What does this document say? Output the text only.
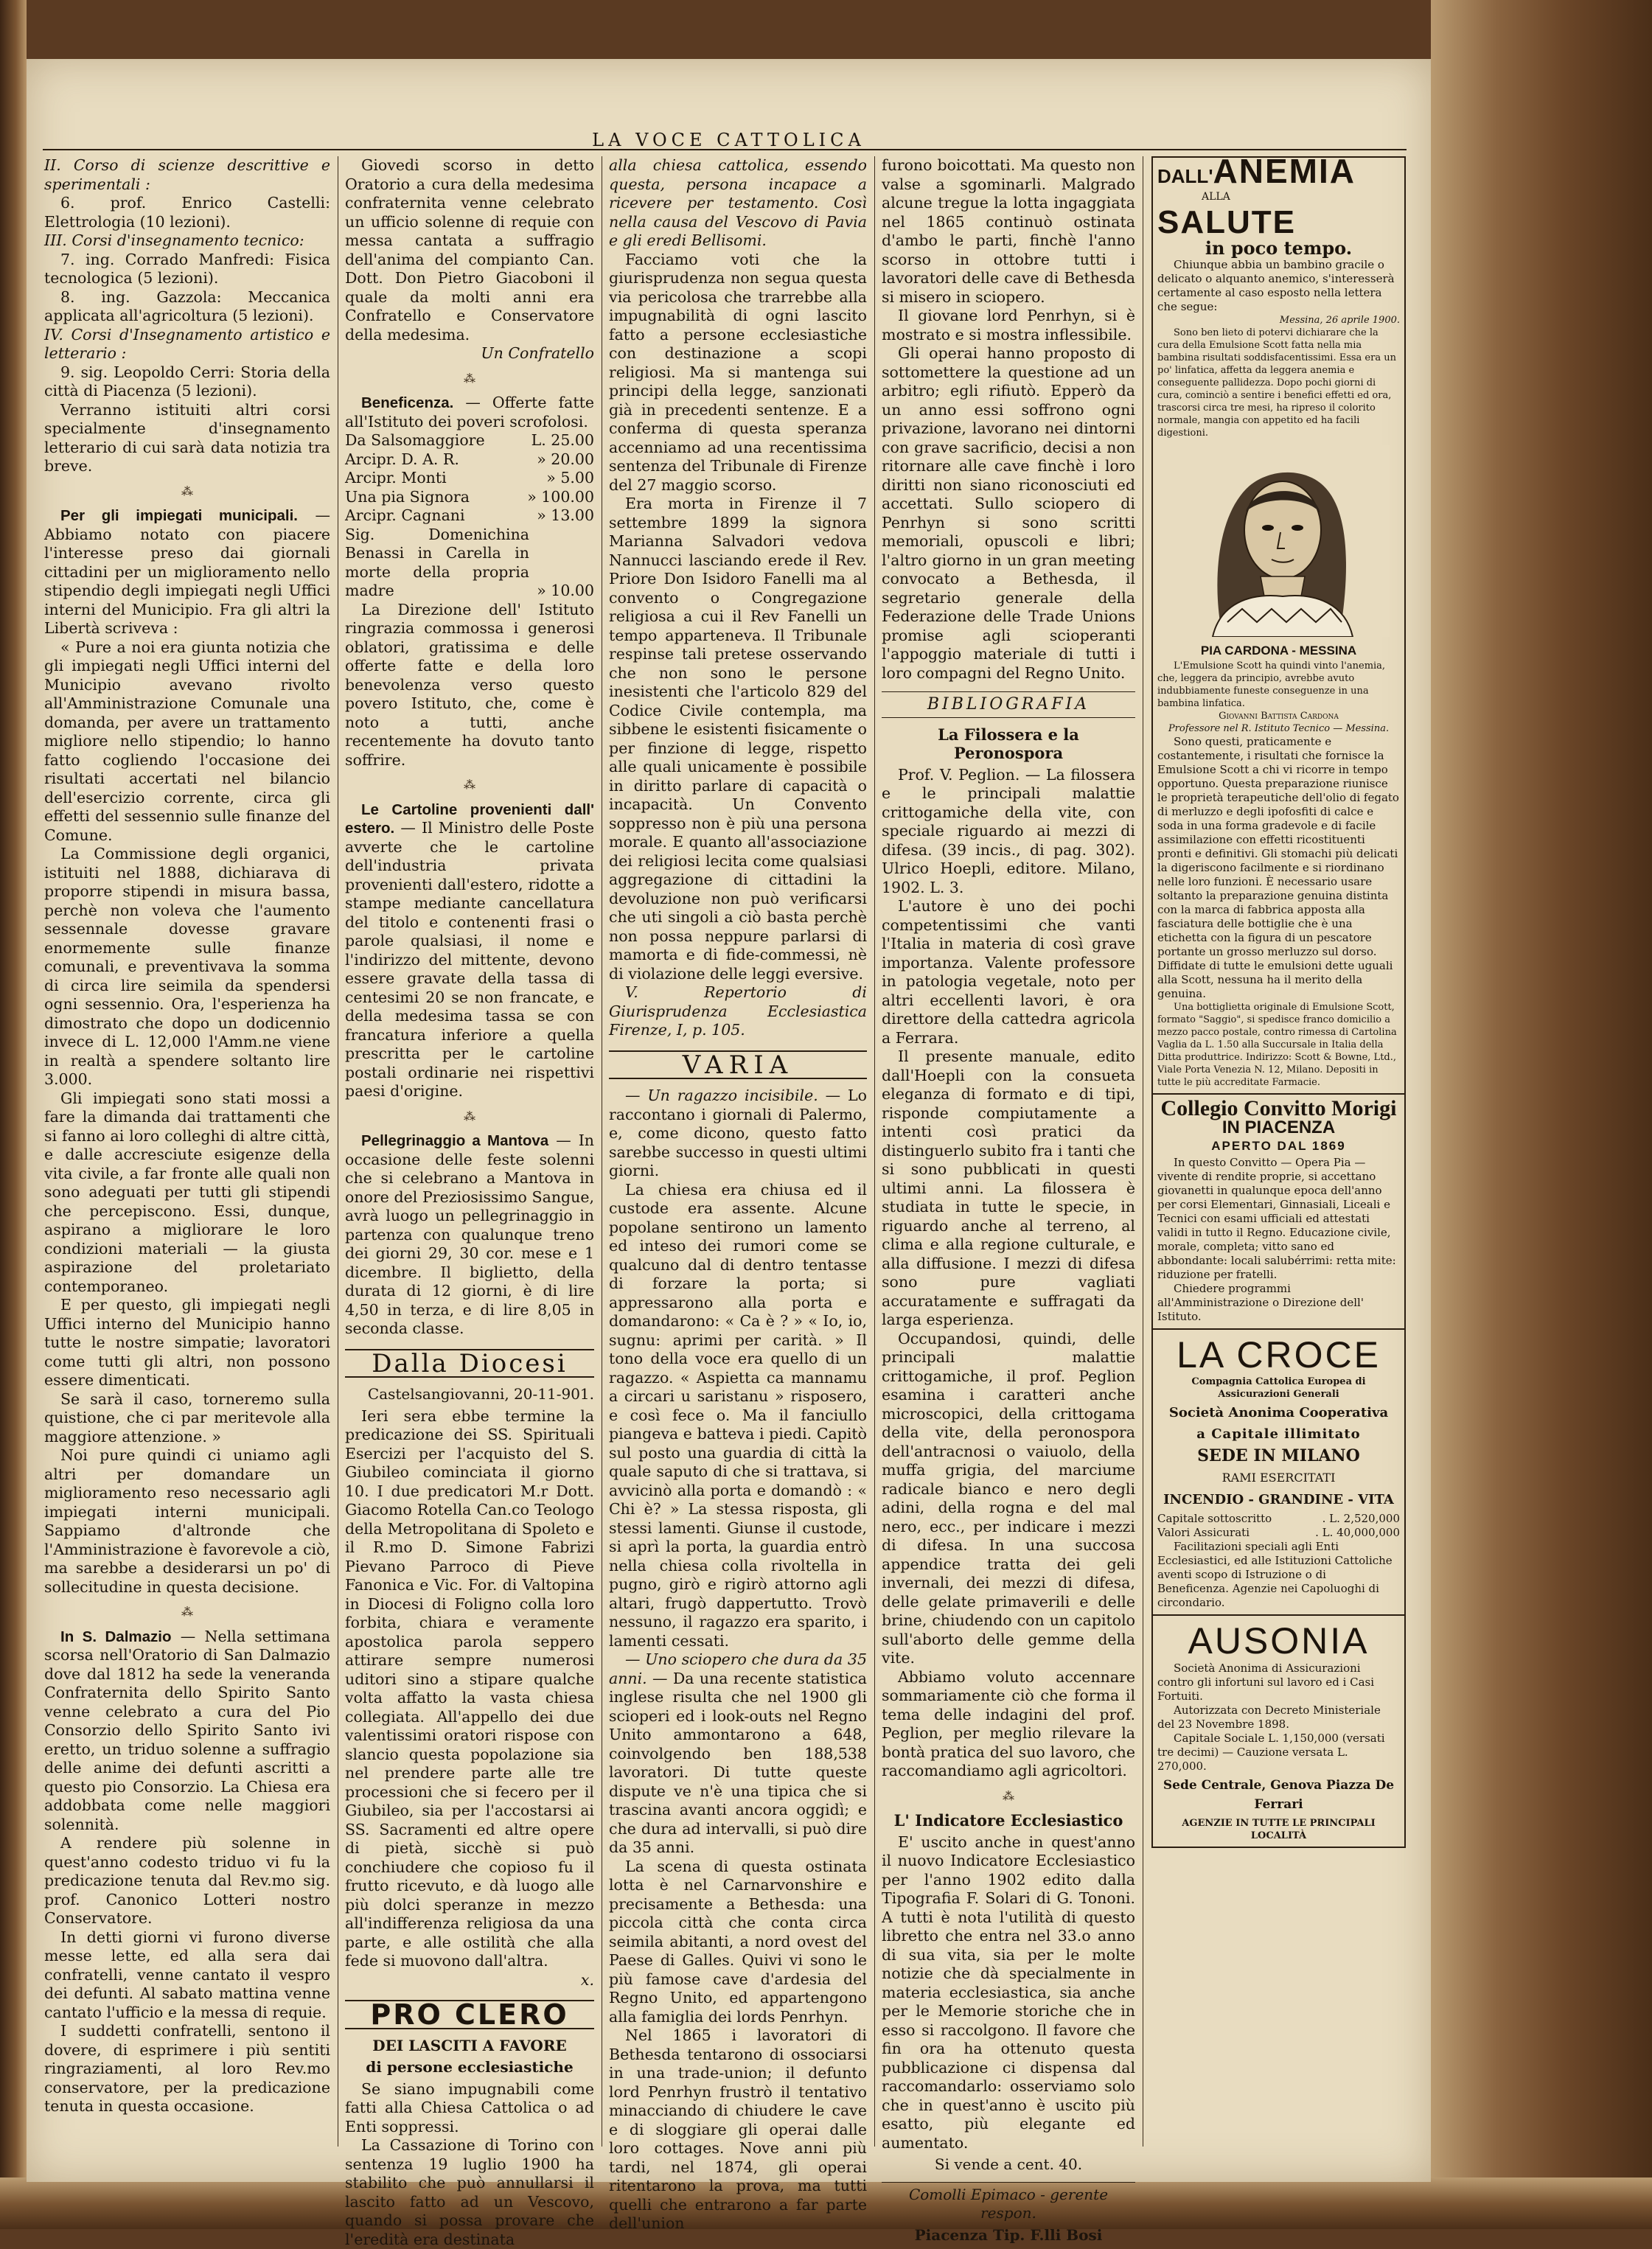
LA VOCE CATTOLICA

II. Corso di scienze descrittive e sperimentali :

6. prof. Enrico Castelli: Elettrologia (10 lezioni).

III. Corsi d'insegnamento tecnico:

7. ing. Corrado Manfredi: Fisica tecnologica (5 lezioni).

8. ing. Gazzola: Meccanica applicata all'agricoltura (5 lezioni).

IV. Corsi d'Insegnamento artistico e letterario :

9. sig. Leopoldo Cerri: Storia della città di Piacenza (5 lezioni).

Verranno istituiti altri corsi specialmente d'insegnamento letterario di cui sarà data notizia tra breve.

⁂

Per gli impiegati municipali. — Abbiamo notato con piacere l'interesse preso dai giornali cittadini per un miglioramento nello stipendio degli impiegati negli Uffici interni del Municipio. Fra gli altri la Libertà scriveva :

« Pure a noi era giunta notizia che gli impiegati negli Uffici interni del Municipio avevano rivolto all'Amministrazione Comunale una domanda, per avere un trattamento migliore nello stipendio; lo hanno fatto cogliendo l'occasione dei risultati accertati nel bilancio dell'esercizio corrente, circa gli effetti del sessennio sulle finanze del Comune.

La Commissione degli organici, istituiti nel 1888, dichiarava di proporre stipendi in misura bassa, perchè non voleva che l'aumento sessennale dovesse gravare enormemente sulle finanze comunali, e preventivava la somma di circa lire seimila da spendersi ogni sessennio. Ora, l'esperienza ha dimostrato che dopo un dodicennio invece di L. 12,000 l'Amm.ne viene in realtà a spendere soltanto lire 3.000.

Gli impiegati sono stati mossi a fare la dimanda dai trattamenti che si fanno ai loro colleghi di altre città, e dalle accresciute esigenze della vita civile, a far fronte alle quali non sono adeguati per tutti gli stipendi che percepiscono. Essi, dunque, aspirano a migliorare le loro condizioni materiali — la giusta aspirazione del proletariato contemporaneo.

E per questo, gli impiegati negli Uffici interno del Municipio hanno tutte le nostre simpatie; lavoratori come tutti gli altri, non possono essere dimenticati.

Se sarà il caso, torneremo sulla quistione, che ci par meritevole alla maggiore attenzione. »

Noi pure quindi ci uniamo agli altri per domandare un miglioramento reso necessario agli impiegati interni municipali. Sappiamo d'altronde che l'Amministrazione è favorevole a ciò, ma sarebbe a desiderarsi un po' di sollecitudine in questa decisione.

⁂

In S. Dalmazio — Nella settimana scorsa nell'Oratorio di San Dalmazio dove dal 1812 ha sede la veneranda Confraternita dello Spirito Santo venne celebrato a cura del Pio Consorzio dello Spirito Santo ivi eretto, un triduo solenne a suffragio delle anime dei defunti ascritti a questo pio Consorzio. La Chiesa era addobbata come nelle maggiori solennità.

A rendere più solenne in quest'anno codesto triduo vi fu la predicazione tenuta dal Rev.mo sig. prof. Canonico Lotteri nostro Conservatore.

In detti giorni vi furono diverse messe lette, ed alla sera dai confratelli, venne cantato il vespro dei defunti. Al sabato mattina venne cantato l'ufficio e la messa di requie.

I suddetti confratelli, sentono il dovere, di esprimere i più sentiti ringraziamenti, al loro Rev.mo conservatore, per la predicazione tenuta in questa occasione.

Giovedi scorso in detto Oratorio a cura della medesima confraternita venne celebrato un ufficio solenne di requie con messa cantata a suffragio dell'anima del compianto Can. Dott. Don Pietro Giacoboni il quale da molti anni era Confratello e Conservatore della medesima.

Un Confratello
⁂

Beneficenza. — Offerte fatte all'Istituto dei poveri scrofolosi.

Da Salsomaggiore	L. 25.00
Arcipr. D. A. R.	» 20.00
Arcipr. Monti	» 5.00
Una pia Signora	» 100.00
Arcipr. Cagnani	» 13.00
Sig. Domenichina Benassi in Carella in morte della propria madre	» 10.00

La Direzione dell' Istituto ringrazia commossa i generosi oblatori, gratissima e delle offerte fatte e della loro benevolenza verso questo povero Istituto, che, come è noto a tutti, anche recentemente ha dovuto tanto soffrire.

⁂

Le Cartoline provenienti dall' estero. — Il Ministro delle Poste avverte che le cartoline dell'industria privata provenienti dall'estero, ridotte a stampe mediante cancellatura del titolo e contenenti frasi o parole qualsiasi, il nome e l'indirizzo del mittente, devono essere gravate della tassa di centesimi 20 se non francate, e della medesima tassa se con francatura inferiore a quella prescritta per le cartoline postali ordinarie nei rispettivi paesi d'origine.

⁂

Pellegrinaggio a Mantova — In occasione delle feste solenni che si celebrano a Mantova in onore del Preziosissimo Sangue, avrà luogo un pellegrinaggio in partenza con qualunque treno dei giorni 29, 30 cor. mese e 1 dicembre. Il biglietto, della durata di 12 giorni, è di lire 4,50 in terza, e di lire 8,05 in seconda classe.

Dalla Diocesi
Castelsangiovanni, 20-11-901.

Ieri sera ebbe termine la predicazione dei SS. Spirituali Esercizi per l'acquisto del S. Giubileo cominciata il giorno 10. I due predicatori M.r Dott. Giacomo Rotella Can.co Teologo della Metropolitana di Spoleto e il R.mo D. Simone Fabrizi Pievano Parroco di Pieve Fanonica e Vic. For. di Valtopina in Diocesi di Foligno colla loro forbita, chiara e veramente apostolica parola seppero attirare sempre numerosi uditori sino a stipare qualche volta affatto la vasta chiesa collegiata. All'appello dei due valentissimi oratori rispose con slancio questa popolazione sia nel prendere parte alle tre processioni che si fecero per il Giubileo, sia per l'accostarsi ai SS. Sacramenti ed altre opere di pietà, sicchè si può conchiudere che copioso fu il frutto ricevuto, e dà luogo alle più dolci speranze in mezzo all'indifferenza religiosa da una parte, e alle ostilità che alla fede si muovono dall'altra.

x.
PRO CLERO
DEI LASCITI A FAVORE
di persone ecclesiastiche

Se siano impugnabili come fatti alla Chiesa Cattolica o ad Enti soppressi.

La Cassazione di Torino con sentenza 19 luglio 1900 ha stabilito che può annullarsi il lascito fatto ad un Vescovo, quando si possa provare che l'eredità era destinata

alla chiesa cattolica, essendo questa, persona incapace a ricevere per testamento. Così nella causa del Vescovo di Pavia e gli eredi Bellisomi.

Facciamo voti che la giurisprudenza non segua questa via pericolosa che trarrebbe alla impugnabilità di ogni lascito fatto a persone ecclesiastiche con destinazione a scopi religiosi. Ma si mantenga sui principi della legge, sanzionati già in precedenti sentenze. E a conferma di questa speranza accenniamo ad una recentissima sentenza del Tribunale di Firenze del 27 maggio scorso.

Era morta in Firenze il 7 settembre 1899 la signora Marianna Salvadori vedova Nannucci lasciando erede il Rev. Priore Don Isidoro Fanelli ma al convento o Congregazione religiosa a cui il Rev Fanelli un tempo apparteneva. Il Tribunale respinse tali pretese osservando che non sono le persone inesistenti che l'articolo 829 del Codice Civile contempla, ma sibbene le esistenti fisicamente o per finzione di legge, rispetto alle quali unicamente è possibile in diritto parlare di capacità o incapacità. Un Convento soppresso non è più una persona morale. E quanto all'associazione dei religiosi lecita come qualsiasi aggregazione di cittadini la devoluzione non può verificarsi che uti singoli a ciò basta perchè non possa neppure parlarsi di mamorta e di fide-commessi, nè di violazione delle leggi eversive.

V. Repertorio di Giurisprudenza Ecclesiastica Firenze, I, p. 105.

VARIA

— Un ragazzo incisibile. — Lo raccontano i giornali di Palermo, e, come dicono, questo fatto sarebbe successo in questi ultimi giorni.

La chiesa era chiusa ed il custode era assente. Alcune popolane sentirono un lamento ed inteso dei rumori come se qualcuno dal di dentro tentasse di forzare la porta; si appressarono alla porta e domandarono: « Ca è ? » « Io, io, sugnu: aprimi per carità. » Il tono della voce era quello di un ragazzo. « Aspietta ca mannamu a circari u saristanu » risposero, e così fece o. Ma il fanciullo piangeva e batteva i piedi. Capitò sul posto una guardia di città la quale saputo di che si trattava, si avvicinò alla porta e domandò : « Chi è? » La stessa risposta, gli stessi lamenti. Giunse il custode, si aprì la porta, la guardia entrò nella chiesa colla rivoltella in pugno, girò e rigirò attorno agli altari, frugò dappertutto. Trovò nessuno, il ragazzo era sparito, i lamenti cessati.

— Uno sciopero che dura da 35 anni. — Da una recente statistica inglese risulta che nel 1900 gli scioperi ed i look-outs nel Regno Unito ammontarono a 648, coinvolgendo ben 188,538 lavoratori. Di tutte queste dispute ve n'è una tipica che si trascina avanti ancora oggidì; e che dura ad intervalli, si può dire da 35 anni.

La scena di questa ostinata lotta è nel Carnarvonshire e precisamente a Bethesda: una piccola città che conta circa seimila abitanti, a nord ovest del Paese di Galles. Quivi vi sono le più famose cave d'ardesia del Regno Unito, ed appartengono alla famiglia dei lords Penrhyn.

Nel 1865 i lavoratori di Bethesda tentarono di ossociarsi in una trade-union; il defunto lord Penrhyn frustrò il tentativo minacciando di chiudere le cave e di sloggiare gli operai dalle loro cottages. Nove anni più tardi, nel 1874, gli operai ritentarono la prova, ma tutti quelli che entrarono a far parte dell'union

furono boicottati. Ma questo non valse a sgominarli. Malgrado alcune tregue la lotta ingaggiata nel 1865 continuò ostinata d'ambo le parti, finchè l'anno scorso in ottobre tutti i lavoratori delle cave di Bethesda si misero in sciopero.

Il giovane lord Penrhyn, si è mostrato e si mostra inflessibile.

Gli operai hanno proposto di sottomettere la questione ad un arbitro; egli rifiutò. Epperò da un anno essi soffrono ogni privazione, lavorano nei dintorni con grave sacrificio, decisi a non ritornare alle cave finchè i loro diritti non siano riconosciuti ed accettati. Sullo sciopero di Penrhyn si sono scritti memoriali, opuscoli e libri; l'altro giorno in un gran meeting convocato a Bethesda, il segretario generale della Federazione delle Trade Unions promise agli scioperanti l'appoggio materiale di tutti i loro compagni del Regno Unito.

BIBLIOGRAFIA
La Filossera e la Peronospora

Prof. V. Peglion. — La filossera e le principali malattie crittogamiche della vite, con speciale riguardo ai mezzi di difesa. (39 incis., di pag. 302). Ulrico Hoepli, editore. Milano, 1902. L. 3.

L'autore è uno dei pochi competentissimi che vanti l'Italia in materia di così grave importanza. Valente professore in patologia vegetale, noto per altri eccellenti lavori, è ora direttore della cattedra agricola a Ferrara.

Il presente manuale, edito dall'Hoepli con la consueta eleganza di formato e di tipi, risponde compiutamente a intenti così pratici da distinguerlo subito fra i tanti che si sono pubblicati in questi ultimi anni. La filossera è studiata in tutte le specie, in riguardo anche al terreno, al clima e alla regione culturale, e alla diffusione. I mezzi di difesa sono pure vagliati accuratamente e suffragati da larga esperienza.

Occupandosi, quindi, delle principali malattie crittogamiche, il prof. Peglion esamina i caratteri anche microscopici, della crittogama della vite, della peronospora dell'antracnosi o vaiuolo, della muffa grigia, del marciume radicale bianco e nero degli adini, della rogna e del mal nero, ecc., per indicare i mezzi di difesa. In una succosa appendice tratta dei geli invernali, dei mezzi di difesa, delle gelate primaverili e delle brine, chiudendo con un capitolo sull'aborto delle gemme della vite.

Abbiamo voluto accennare sommariamente ciò che forma il tema delle indagini del prof. Peglion, per meglio rilevare la bontà pratica del suo lavoro, che raccomandiamo agli agricoltori.

⁂
L' Indicatore Ecclesiastico

E' uscito anche in quest'anno il nuovo Indicatore Ecclesiastico per l'anno 1902 edito dalla Tipografia F. Solari di G. Tononi. A tutti è nota l'utilità di questo libretto che entra nel 33.o anno di sua vita, sia per le molte notizie che dà specialmente in materia ecclesiastica, sia anche per le Memorie storiche che in esso si raccolgono. Il favore che fin ora ha ottenuto questa pubblicazione ci dispensa dal raccomandarlo: osserviamo solo che in quest'anno è uscito più esatto, più elegante ed aumentato.

Si vende a cent. 40.
Comolli Epimaco - gerente respon.
Piacenza Tip. F.lli Bosi
DALL'ANEMIA
ALLA
SALUTE
in poco tempo.

Chiunque abbia un bambino gracile o delicato o alquanto anemico, s'interesserà certamente al caso esposto nella lettera che segue:

Messina, 26 aprile 1900.

Sono ben lieto di potervi dichiarare che la cura della Emulsione Scott fatta nella mia bambina risultati soddisfacentissimi. Essa era un po' linfatica, affetta da leggera anemia e conseguente pallidezza. Dopo pochi giorni di cura, cominciò a sentire i benefici effetti ed ora, trascorsi circa tre mesi, ha ripreso il colorito normale, mangia con appetito ed ha facili digestioni.

PIA CARDONA - MESSINA

L'Emulsione Scott ha quindi vinto l'anemia, che, leggera da principio, avrebbe avuto indubbiamente funeste conseguenze in una bambina linfatica.

Giovanni Battista Cardona
Professore nel R. Istituto Tecnico — Messina.

Sono questi, praticamente e costantemente, i risultati che fornisce la Emulsione Scott a chi vi ricorre in tempo opportuno. Questa preparazione riunisce le proprietà terapeutiche dell'olio di fegato di merluzzo e degli ipofosfiti di calce e soda in una forma gradevole e di facile assimilazione con effetti ricostituenti pronti e definitivi. Gli stomachi più delicati la digeriscono facilmente e si riordinano nelle loro funzioni. È necessario usare soltanto la preparazione genuina distinta con la marca di fabbrica apposta alla fasciatura delle bottiglie che è una etichetta con la figura di un pescatore portante un grosso merluzzo sul dorso. Diffidate di tutte le emulsioni dette uguali alla Scott, nessuna ha il merito della genuina.

Una bottiglietta originale di Emulsione Scott, formato "Saggio", si spedisce franco domicilio a mezzo pacco postale, contro rimessa di Cartolina Vaglia da L. 1.50 alla Succursale in Italia della Ditta produttrice. Indirizzo: Scott & Bowne, Ltd., Viale Porta Venezia N. 12, Milano. Depositi in tutte le più accreditate Farmacie.

Collegio Convitto Morigi
IN PIACENZA
APERTO DAL 1869

In questo Convitto — Opera Pia — vivente di rendite proprie, si accettano giovanetti in qualunque epoca dell'anno per corsi Elementari, Ginnasiali, Liceali e Tecnici con esami ufficiali ed attestati validi in tutto il Regno. Educazione civile, morale, completa; vitto sano ed abbondante: locali salubérrimi: retta mite: riduzione per fratelli.

Chiedere programmi all'Amministrazione o Direzione dell' Istituto.

LA CROCE
Compagnia Cattolica Europea di Assicurazioni Generali
Società Anonima Cooperativa
a Capitale illimitato
SEDE IN MILANO
RAMI ESERCITATI
INCENDIO - GRANDINE - VITA
Capitale sottoscritto	. L. 2,520,000
Valori Assicurati	. L. 40,000,000

Facilitazioni speciali agli Enti Ecclesiastici, ed alle Istituzioni Cattoliche aventi scopo di Istruzione o di Beneficenza. Agenzie nei Capoluoghi di circondario.

AUSONIA

Società Anonima di Assicurazioni contro gli infortuni sul lavoro ed i Casi Fortuiti.

Autorizzata con Decreto Ministeriale del 23 Novembre 1898.

Capitale Sociale L. 1,150,000 (versati tre decimi) — Cauzione versata L. 270,000.

Sede Centrale, Genova Piazza De Ferrari
AGENZIE IN TUTTE LE PRINCIPALI LOCALITÀ
